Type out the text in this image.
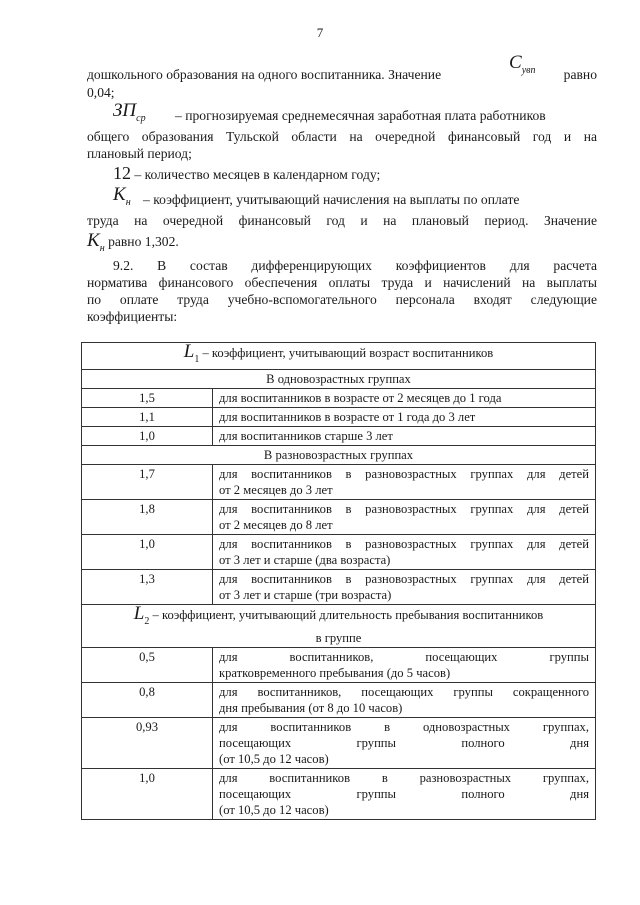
7
дошкольного образования на одного воспитанника. Значение
$C_{увп}$ равно
0,04;
$ЗП_{ср}$ – прогнозируемая среднемесячная заработная плата работников
общего образования Тульской области на очередной финансовый год и на
плановый период;
12 – количество месяцев в календарном году;
$K_н$ – коэффициент, учитывающий начисления на выплаты по оплате
труда на очередной финансовый год и на плановый период. Значение
$K_н$ равно 1,302.
9.2. В состав дифференцирующих коэффициентов для расчета
норматива финансового обеспечения оплаты труда и начислений на выплаты
по оплате труда учебно-вспомогательного персонала входят следующие
коэффициенты:
$L_1$ – коэффициент, учитывающий возраст воспитанников	
В одновозрастных группах	
1,5	для воспитанников в возрасте от 2 месяцев до 1 года
1,1	для воспитанников в возрасте от 1 года до 3 лет
1,0	для воспитанников старше 3 лет
В разновозрастных группах	
1,7	для воспитанников в разновозрастных группах для детей
от 2 месяцев до 3 лет
1,8	для воспитанников в разновозрастных группах для детей
от 2 месяцев до 8 лет
1,0	для воспитанников в разновозрастных группах для детей
от 3 лет и старше (два возраста)
1,3	для воспитанников в разновозрастных группах для детей
от 3 лет и старше (три возраста)
$L_2$ – коэффициент, учитывающий длительность пребывания воспитанников
в группе	
0,5	для воспитанников, посещающих группы
кратковременного пребывания (до 5 часов)
0,8	для воспитанников, посещающих группы сокращенного
дня пребывания (от 8 до 10 часов)
0,93	для воспитанников в одновозрастных группах,
посещающих группы полного дня
(от 10,5 до 12 часов)
1,0	для воспитанников в разновозрастных группах,
посещающих группы полного дня
(от 10,5 до 12 часов)
